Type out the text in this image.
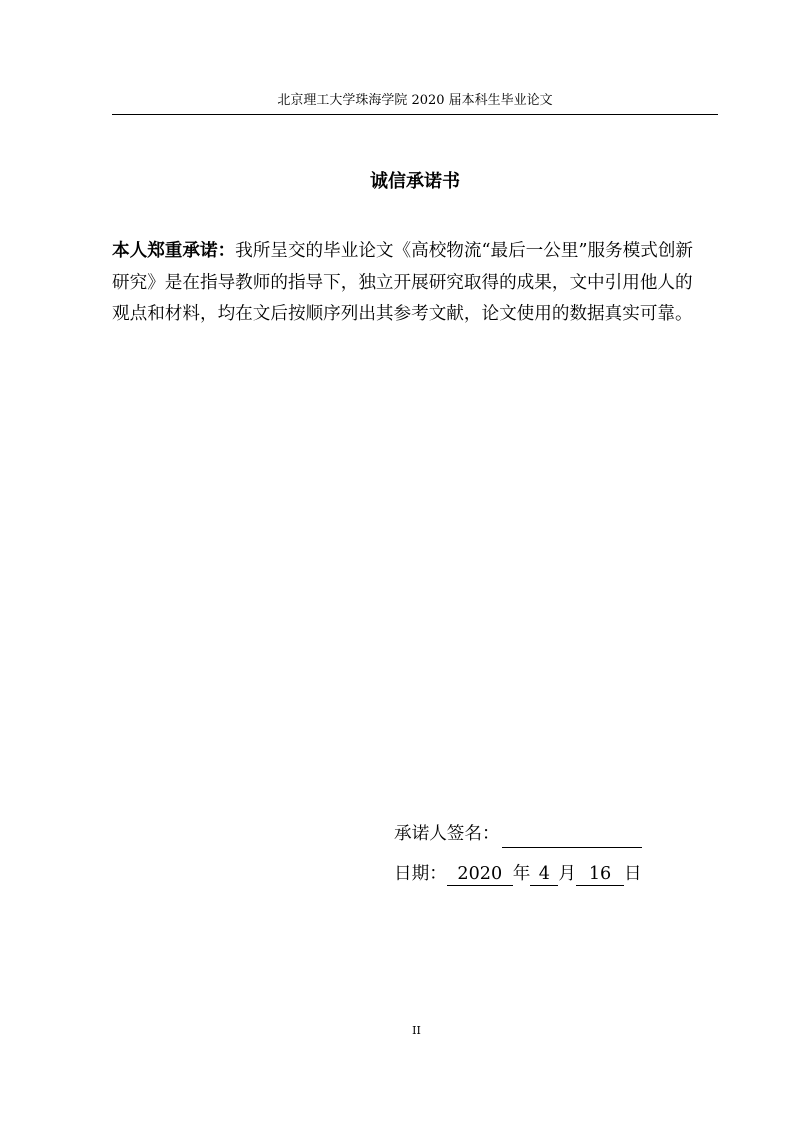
北京理工大学珠海学院 2020 届本科生毕业论文
诚信承诺书

本人郑重承诺：我所呈交的毕业论文《高校物流“最后一公里”服务模式创新研究》是在指导教师的指导下，独立开展研究取得的成果，文中引用他人的观点和材料，均在文后按顺序列出其参考文献，论文使用的数据真实可靠。

承诺人签名：
日期： 2020 年 4 月 16 日
II
